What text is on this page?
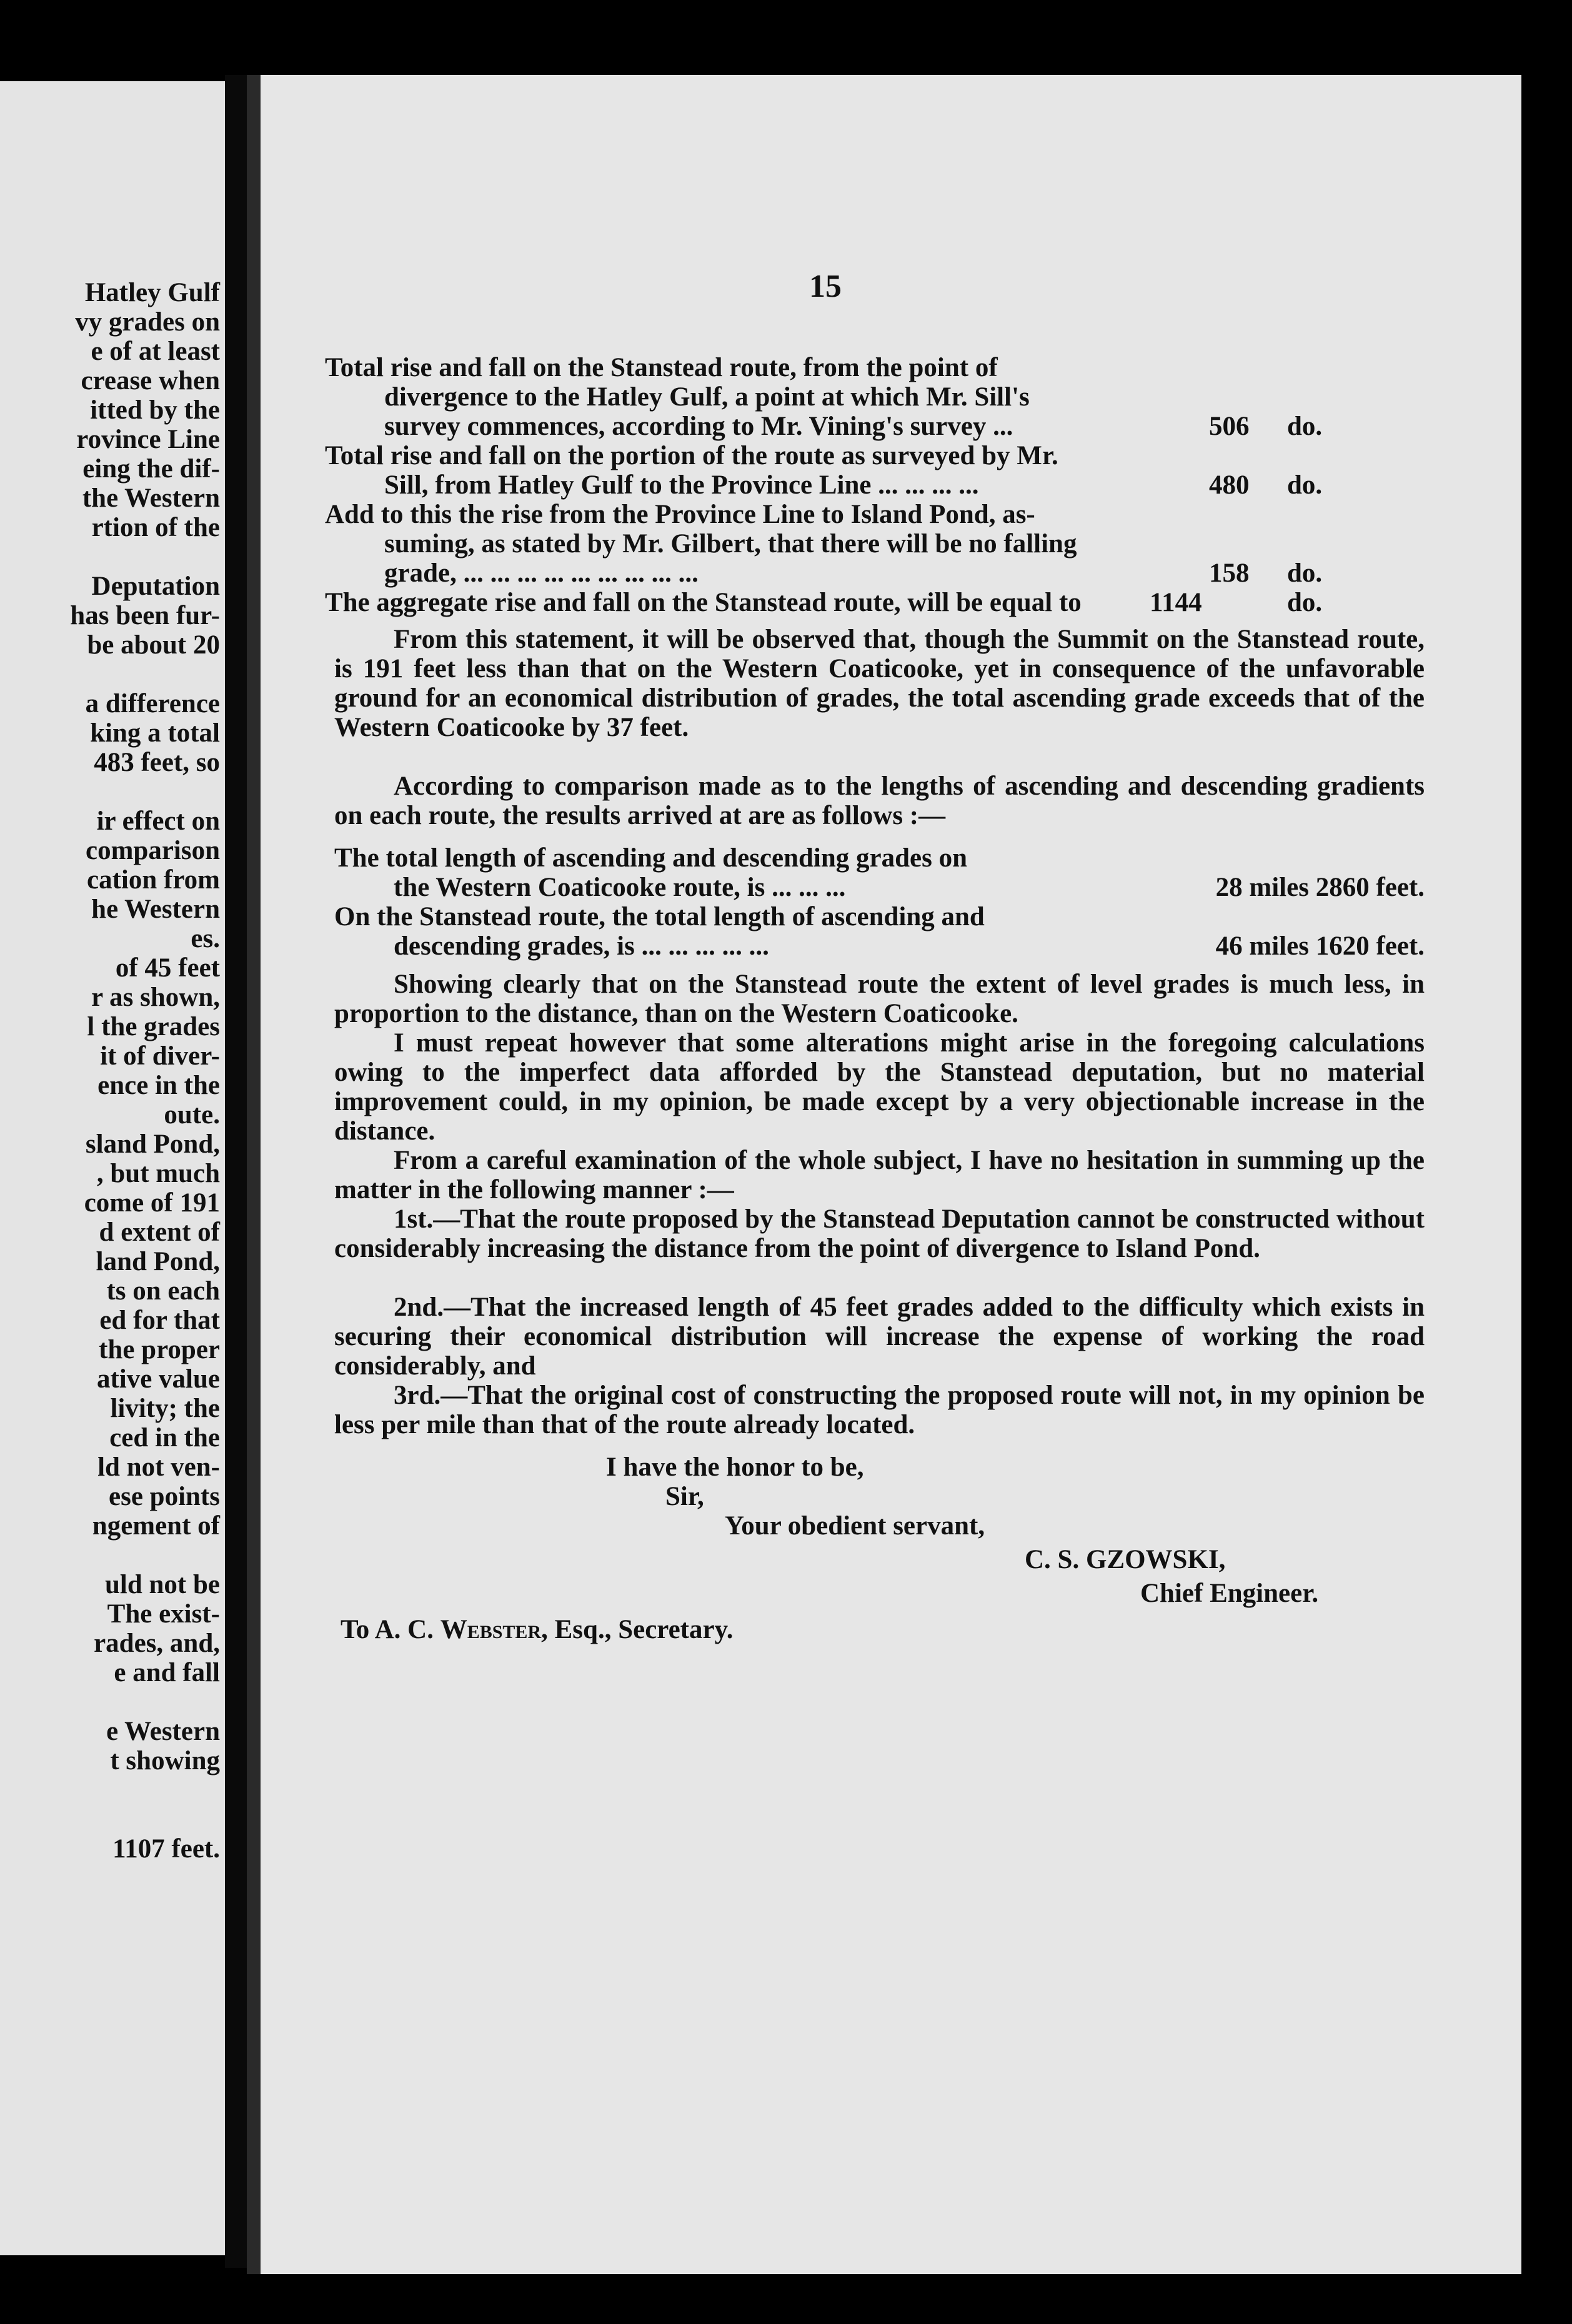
Hatley Gulf
vy grades on
e of at least
crease when
itted by the
rovince Line
eing the dif-
the Western
rtion of the
Deputation
has been fur-
be about 20
a difference
king a total
483 feet, so
ir effect on
comparison
cation from
he Western
es.
of 45 feet
r as shown,
l the grades
it of diver-
ence in the
oute.
sland Pond,
, but much
come of 191
d extent of
land Pond,
ts on each
ed for that
the proper
ative value
livity; the
ced in the
ld not ven-
ese points
ngement of
uld not be
The exist-
rades, and,
e and fall
e Western
t showing
1107 feet.
15
Total rise and fall on the Stanstead route, from the point of
divergence to the Hatley Gulf, a point at which Mr. Sill's
survey commences, according to Mr. Vining's survey ...	506 do.
Total rise and fall on the portion of the route as surveyed by Mr.
Sill, from Hatley Gulf to the Province Line ... ... ... ...	480 do.
Add to this the rise from the Province Line to Island Pond, as-
suming, as stated by Mr. Gilbert, that there will be no falling
grade, ... ... ... ... ... ... ... ... ...	158 do.
The aggregate rise and fall on the Stanstead route, will be equal to	1144	do.

From this statement, it will be observed that, though the Summit on the Stanstead route, is 191 feet less than that on the Western Coaticooke, yet in consequence of the unfavorable ground for an economical distribution of grades, the total ascending grade exceeds that of the Western Coaticooke by 37 feet.

According to comparison made as to the lengths of ascending and descending gradients on each route, the results arrived at are as follows :—

The total length of ascending and descending grades on
the Western Coaticooke route, is ... ... ...	28 miles 2860 feet.
On the Stanstead route, the total length of ascending and
descending grades, is ... ... ... ... ...	46 miles 1620 feet.

Showing clearly that on the Stanstead route the extent of level grades is much less, in proportion to the distance, than on the Western Coaticooke.

I must repeat however that some alterations might arise in the foregoing calculations owing to the imperfect data afforded by the Stanstead deputation, but no material improvement could, in my opinion, be made except by a very objectionable increase in the distance.

From a careful examination of the whole subject, I have no hesitation in summing up the matter in the following manner :—

1st.—That the route proposed by the Stanstead Deputation cannot be constructed without considerably increasing the distance from the point of divergence to Island Pond.

2nd.—That the increased length of 45 feet grades added to the difficulty which exists in securing their economical distribution will increase the expense of working the road considerably, and

3rd.—That the original cost of constructing the proposed route will not, in my opinion be less per mile than that of the route already located.

I have the honor to be,
Sir,
Your obedient servant,
C. S. GZOWSKI,
Chief Engineer.
To A. C. Webster, Esq., Secretary.
